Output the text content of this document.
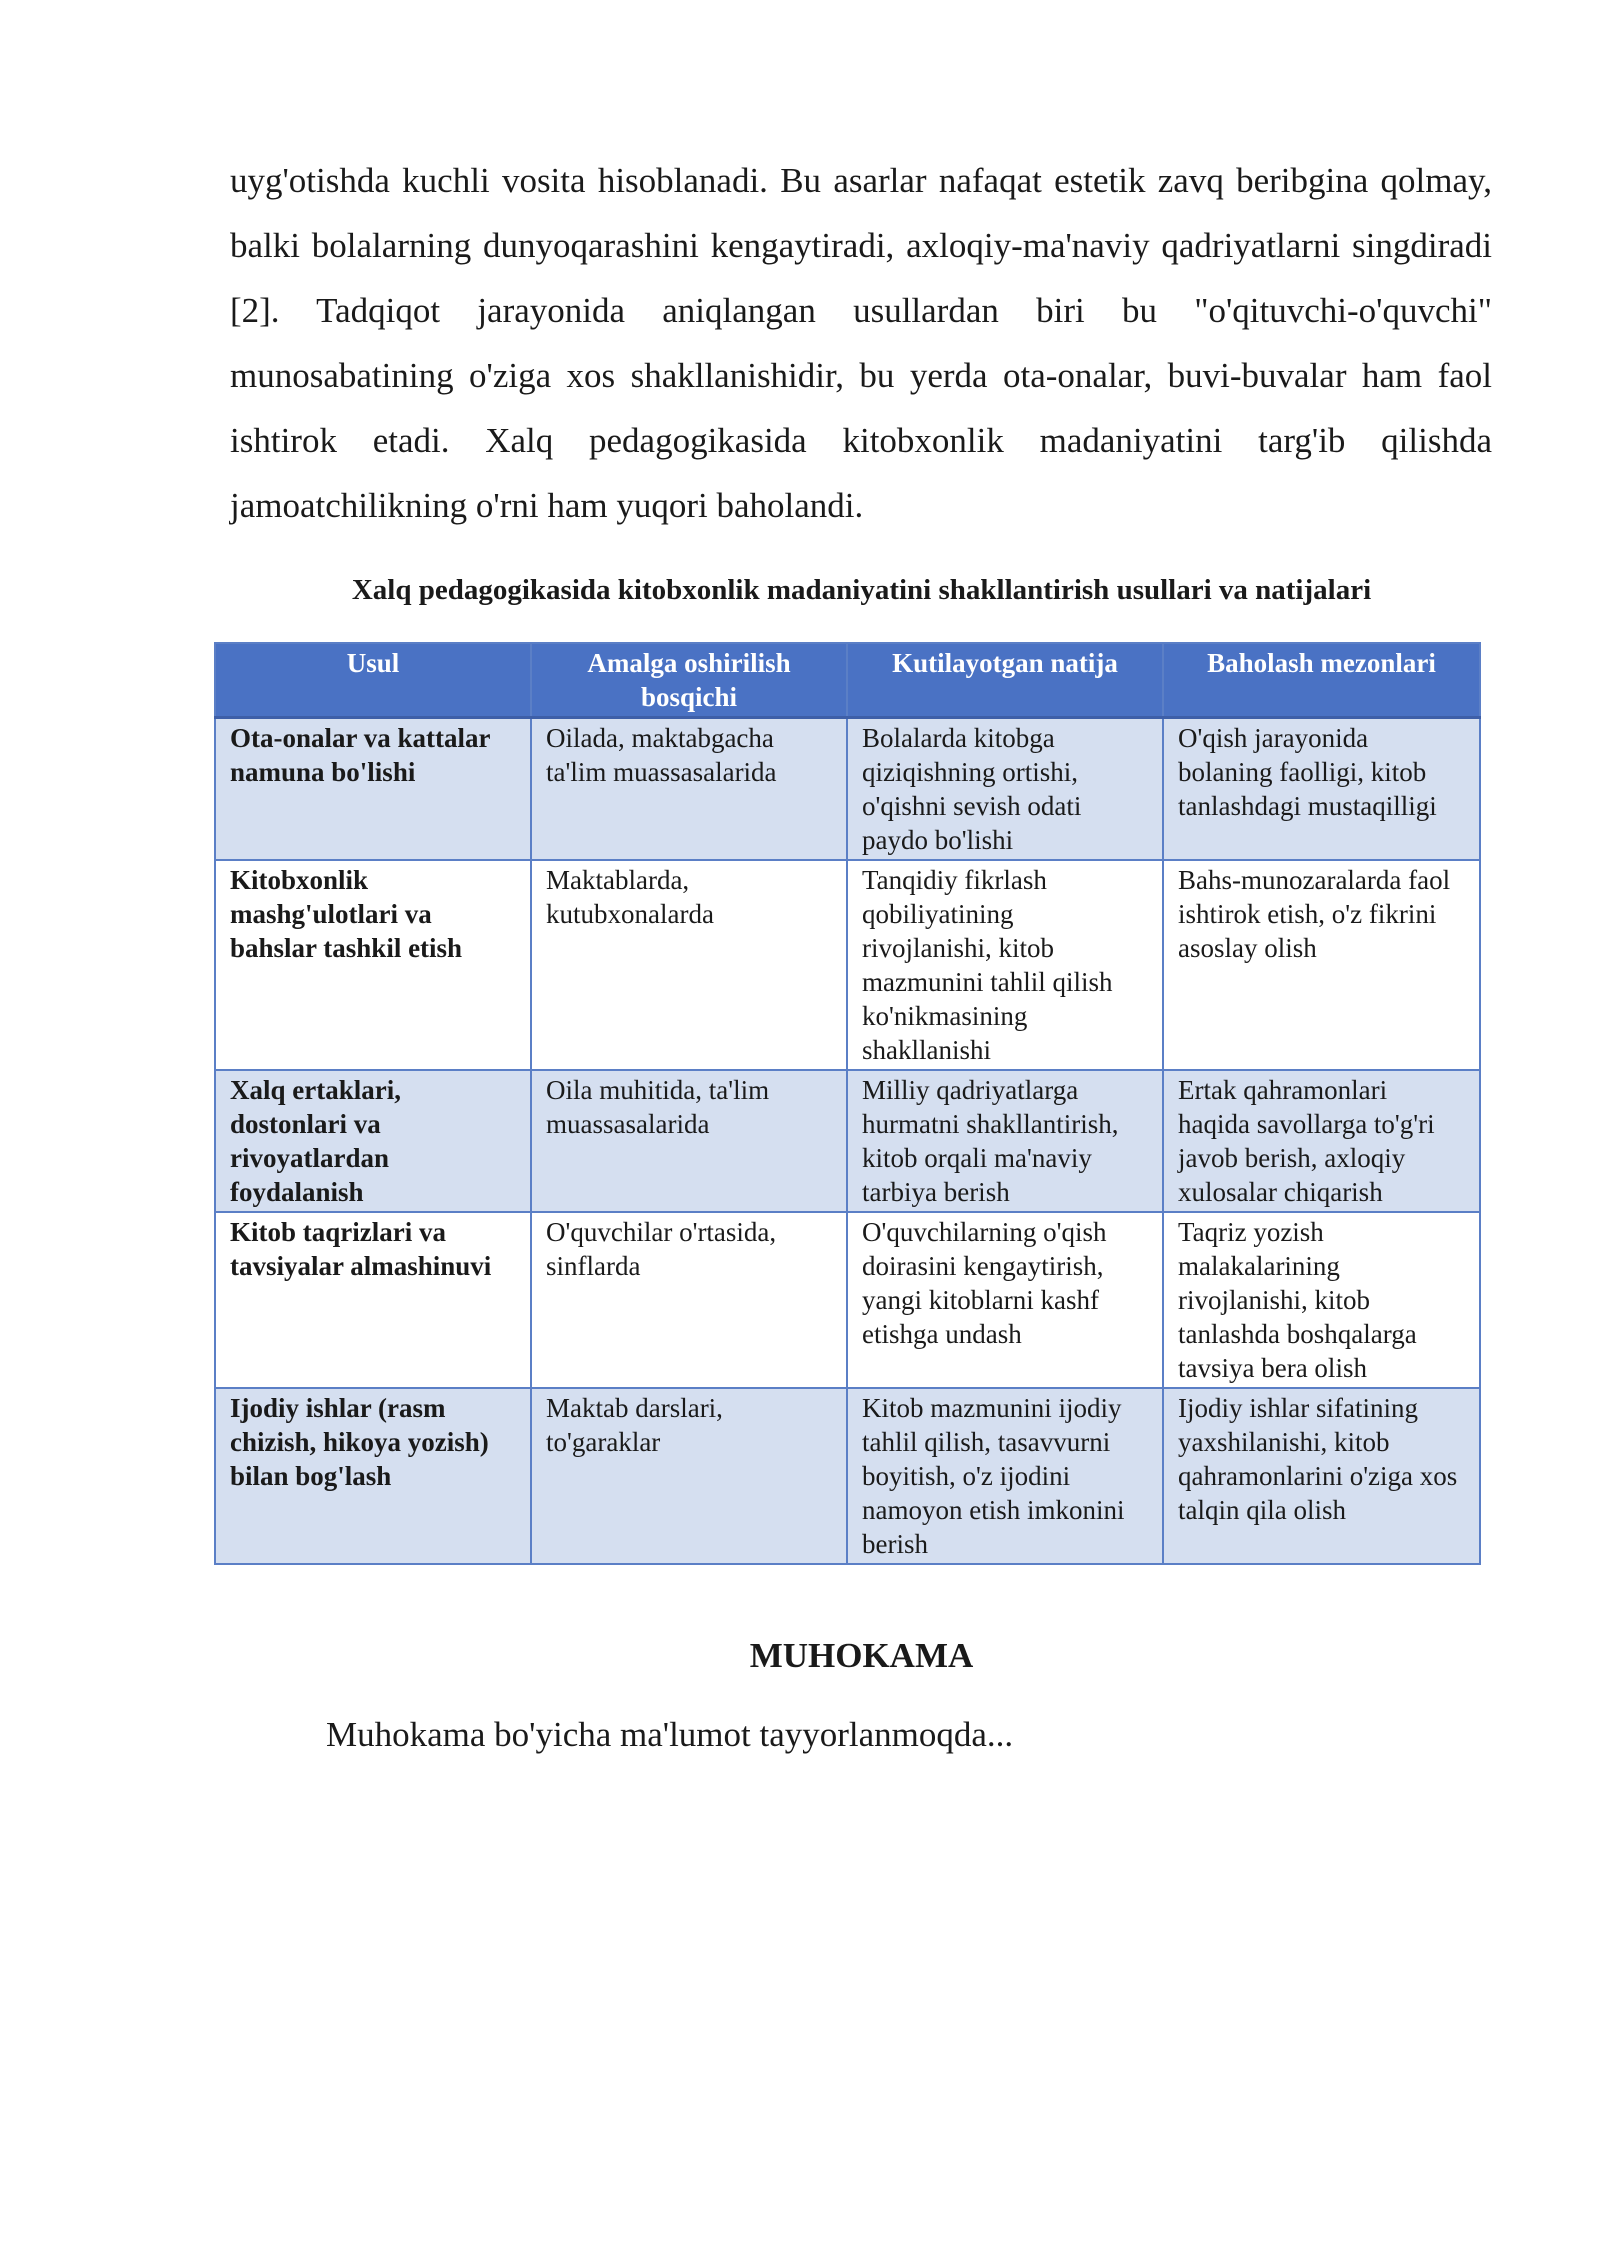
uyg'otishda kuchli vosita hisoblanadi. Bu asarlar nafaqat estetik zavq beribgina qolmay, balki bolalarning dunyoqarashini kengaytiradi, axloqiy-ma'naviy qadriyatlarni singdiradi [2]. Tadqiqot jarayonida aniqlangan usullardan biri bu "o'qituvchi-o'quvchi" munosabatining o'ziga xos shakllanishidir, bu yerda ota-onalar, buvi-buvalar ham faol ishtirok etadi. Xalq pedagogikasida kitobxonlik madaniyatini targ'ib qilishda jamoatchilikning o'rni ham yuqori baholandi.

Xalq pedagogikasida kitobxonlik madaniyatini shakllantirish usullari va natijalari

Usul	Amalga oshirilish bosqichi	Kutilayotgan natija	Baholash mezonlari
Ota-onalar va kattalar namuna bo'lishi	Oilada, maktabgacha ta'lim muassasalarida	Bolalarda kitobga qiziqishning ortishi, o'qishni sevish odati paydo bo'lishi	O'qish jarayonida bolaning faolligi, kitob tanlashdagi mustaqilligi
Kitobxonlik mashg'ulotlari va bahslar tashkil etish	Maktablarda, kutubxonalarda	Tanqidiy fikrlash qobiliyatining rivojlanishi, kitob mazmunini tahlil qilish ko'nikmasining shakllanishi	Bahs-munozaralarda faol ishtirok etish, o'z fikrini asoslay olish
Xalq ertaklari, dostonlari va rivoyatlardan foydalanish	Oila muhitida, ta'lim muassasalarida	Milliy qadriyatlarga hurmatni shakllantirish, kitob orqali ma'naviy tarbiya berish	Ertak qahramonlari haqida savollarga to'g'ri javob berish, axloqiy xulosalar chiqarish
Kitob taqrizlari va tavsiyalar almashinuvi	O'quvchilar o'rtasida, sinflarda	O'quvchilarning o'qish doirasini kengaytirish, yangi kitoblarni kashf etishga undash	Taqriz yozish malakalarining rivojlanishi, kitob tanlashda boshqalarga tavsiya bera olish
Ijodiy ishlar (rasm chizish, hikoya yozish) bilan bog'lash	Maktab darslari, to'garaklar	Kitob mazmunini ijodiy tahlil qilish, tasavvurni boyitish, o'z ijodini namoyon etish imkonini berish	Ijodiy ishlar sifatining yaxshilanishi, kitob qahramonlarini o'ziga xos talqin qila olish
MUHOKAMA

Muhokama bo'yicha ma'lumot tayyorlanmoqda...
